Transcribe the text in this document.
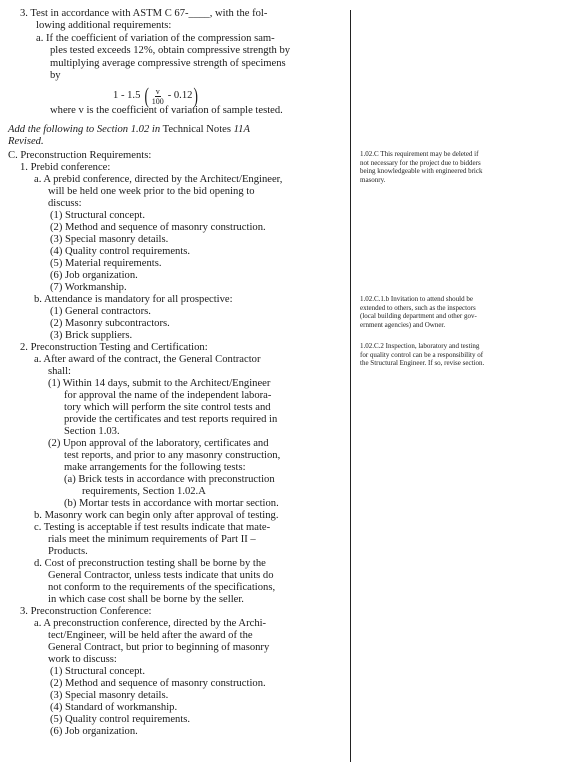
3. Test in accordance with ASTM C 67-____, with the fol-
lowing additional requirements:
a. If the coefficient of variation of the compression sam-
ples tested exceeds 12%, obtain compressive strength by
multiplying average compressive strength of specimens
by
1 - 1.5 ( $\frac{v}{100} - 0.12$ )
where v is the coefficient of variation of sample tested.
Add the following to Section 1.02 in Technical Notes 11A
Revised.
C. Preconstruction Requirements:
1. Prebid conference:
a. A prebid conference, directed by the Architect/Engineer,
will be held one week prior to the bid opening to
discuss:
(1) Structural concept.
(2) Method and sequence of masonry construction.
(3) Special masonry details.
(4) Quality control requirements.
(5) Material requirements.
(6) Job organization.
(7) Workmanship.
b. Attendance is mandatory for all prospective:
(1) General contractors.
(2) Masonry subcontractors.
(3) Brick suppliers.
2. Preconstruction Testing and Certification:
a. After award of the contract, the General Contractor
shall:
(1) Within 14 days, submit to the Architect/Engineer
for approval the name of the independent labora-
tory which will perform the site control tests and
provide the certificates and test reports required in
Section 1.03.
(2) Upon approval of the laboratory, certificates and
test reports, and prior to any masonry construction,
make arrangements for the following tests:
(a) Brick tests in accordance with preconstruction
requirements, Section 1.02.A
(b) Mortar tests in accordance with mortar section.
b. Masonry work can begin only after approval of testing.
c. Testing is acceptable if test results indicate that mate-
rials meet the minimum requirements of Part II –
Products.
d. Cost of preconstruction testing shall be borne by the
General Contractor, unless tests indicate that units do
not conform to the requirements of the specifications,
in which case cost shall be borne by the seller.
3. Preconstruction Conference:
a. A preconstruction conference, directed by the Archi-
tect/Engineer, will be held after the award of the
General Contract, but prior to beginning of masonry
work to discuss:
(1) Structural concept.
(2) Method and sequence of masonry construction.
(3) Special masonry details.
(4) Standard of workmanship.
(5) Quality control requirements.
(6) Job organization.
1.02.C This requirement may be deleted if
not necessary for the project due to bidders
being knowledgeable with engineered brick
masonry.
1.02.C.1.b Invitation to attend should be
extended to others, such as the inspectors
(local building department and other gov-
ernment agencies) and Owner.
1.02.C.2 Inspection, laboratory and testing
for quality control can be a responsibility of
the Structural Engineer. If so, revise section.
